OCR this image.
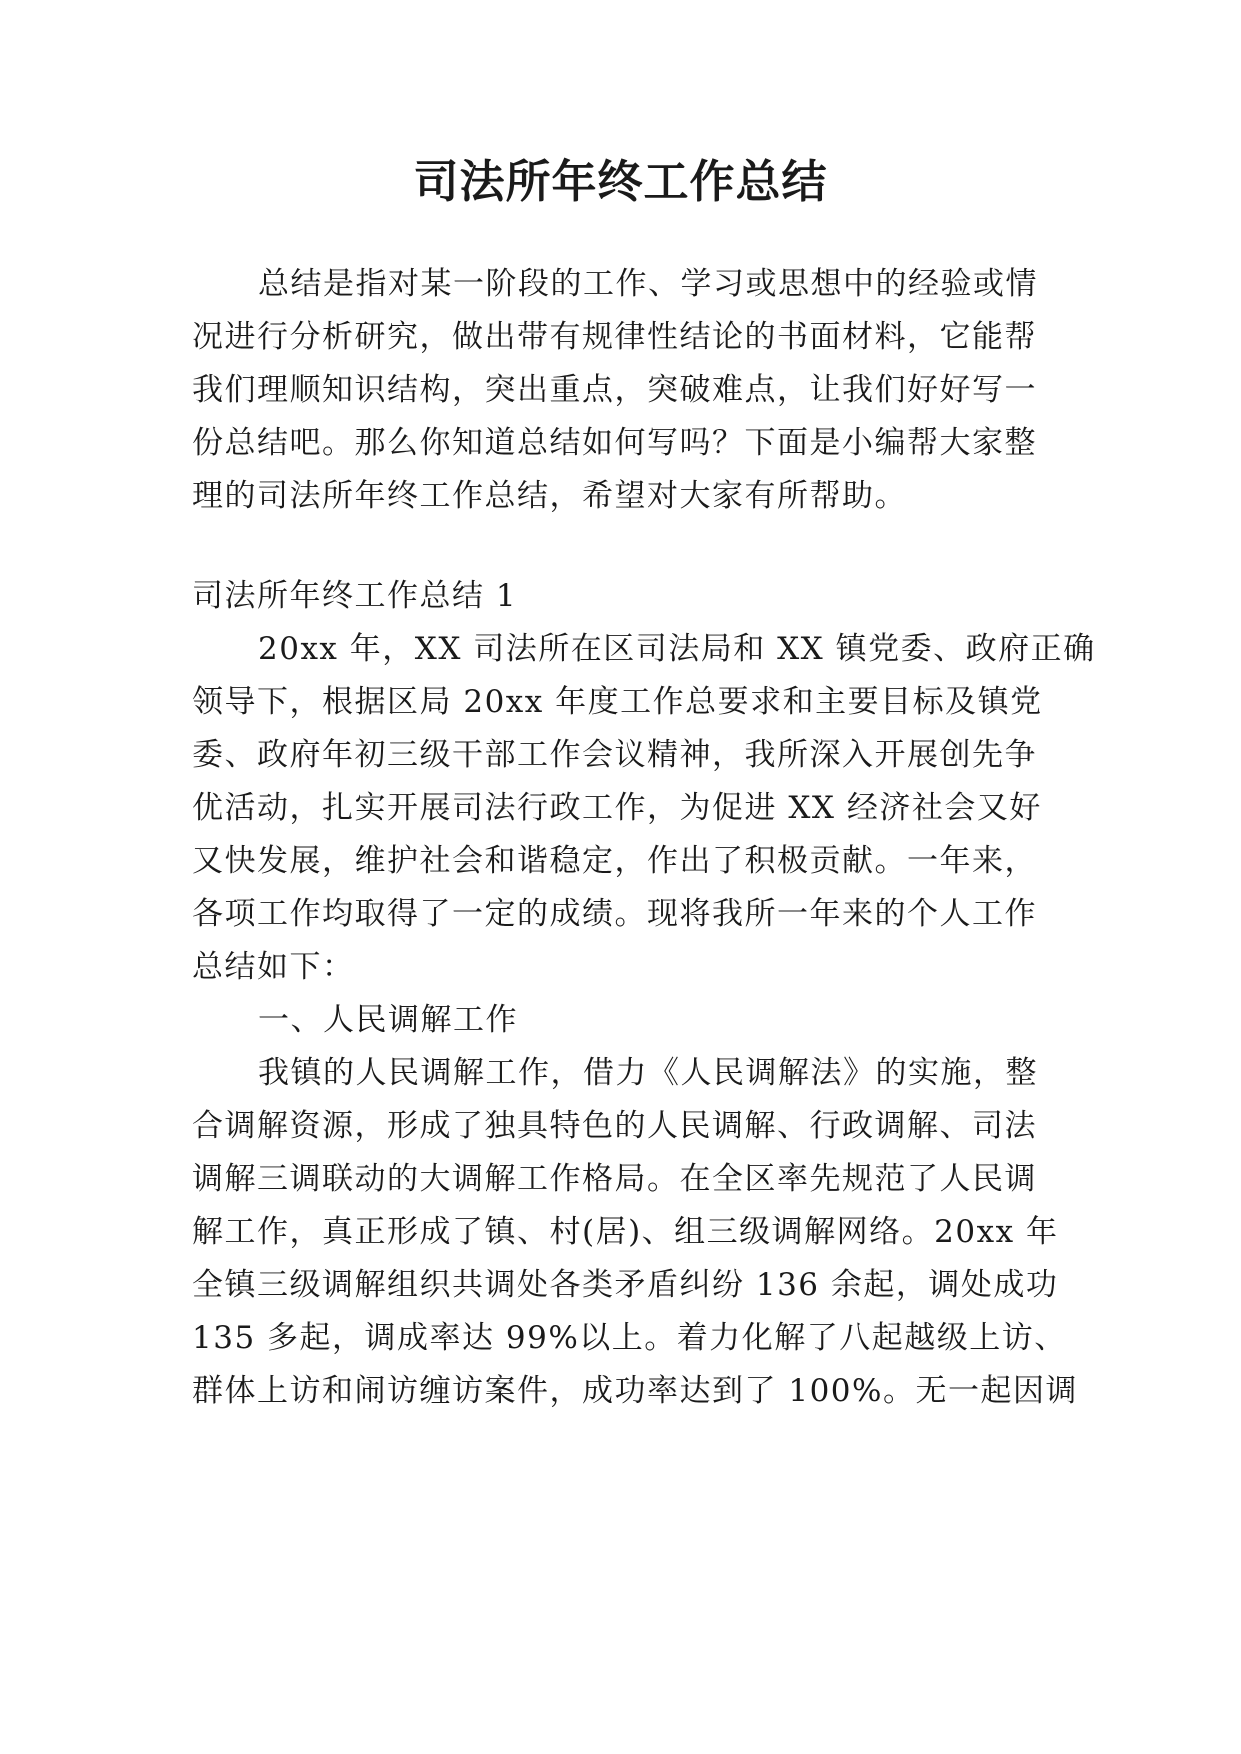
司法所年终工作总结

总结是指对某一阶段的工作、学习或思想中的经验或情

况进行分析研究，做出带有规律性结论的书面材料，它能帮

我们理顺知识结构，突出重点，突破难点，让我们好好写一

份总结吧。那么你知道总结如何写吗？下面是小编帮大家整

理的司法所年终工作总结，希望对大家有所帮助。

司法所年终工作总结 1

20xx 年，XX 司法所在区司法局和 XX 镇党委、政府正确

领导下，根据区局 20xx 年度工作总要求和主要目标及镇党

委、政府年初三级干部工作会议精神，我所深入开展创先争

优活动，扎实开展司法行政工作，为促进 XX 经济社会又好

又快发展，维护社会和谐稳定，作出了积极贡献。一年来，

各项工作均取得了一定的成绩。现将我所一年来的个人工作

总结如下：

一、人民调解工作

我镇的人民调解工作，借力《人民调解法》的实施，整

合调解资源，形成了独具特色的人民调解、行政调解、司法

调解三调联动的大调解工作格局。在全区率先规范了人民调

解工作，真正形成了镇、村(居)、组三级调解网络。20xx 年

全镇三级调解组织共调处各类矛盾纠纷 136 余起，调处成功

135 多起，调成率达 99%以上。着力化解了八起越级上访、

群体上访和闹访缠访案件，成功率达到了 100%。无一起因调
